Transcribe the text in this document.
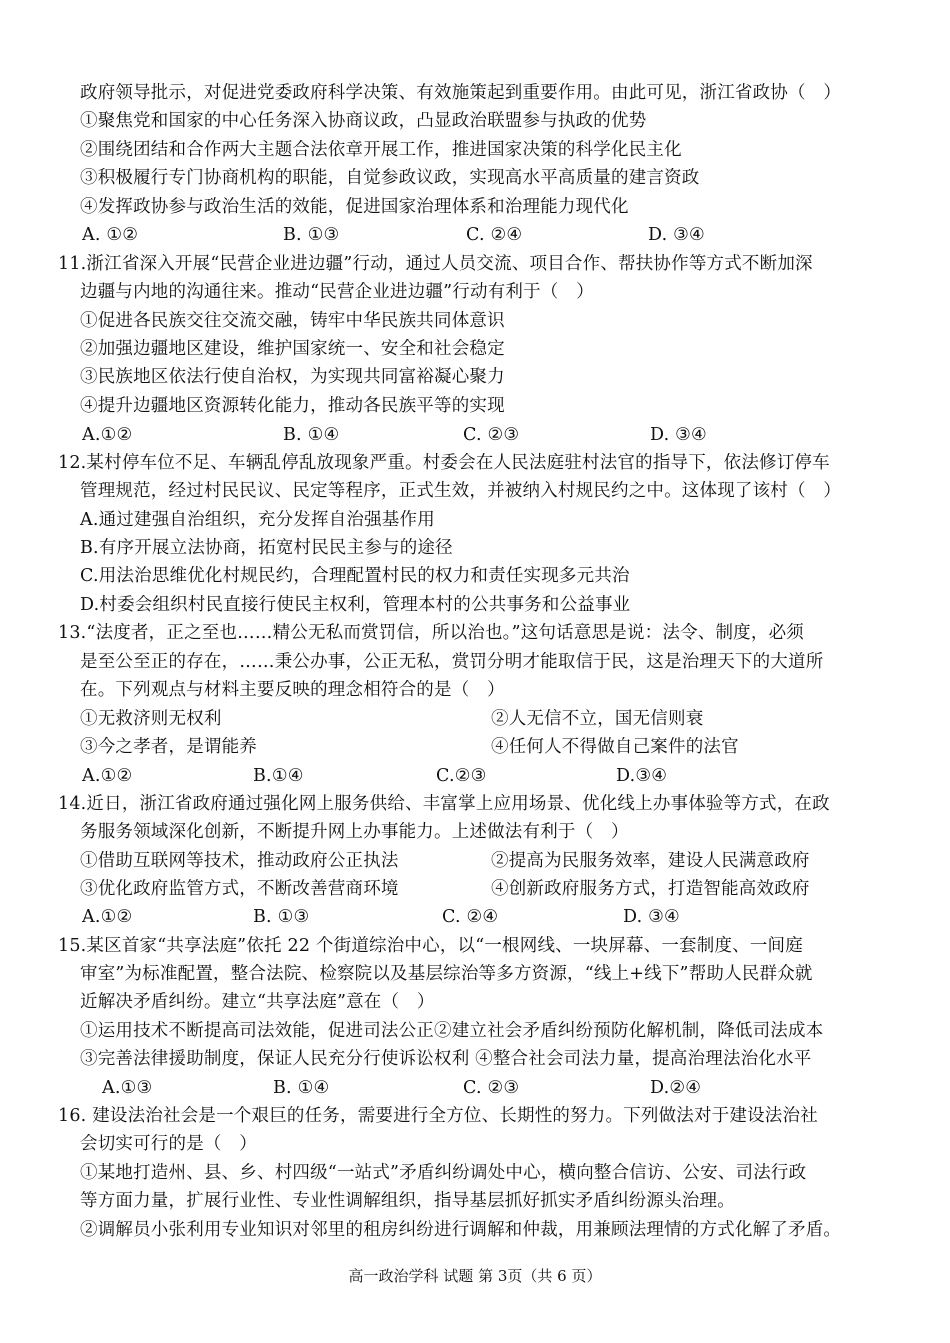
政府领导批示，对促进党委政府科学决策、有效施策起到重要作用。由此可见，浙江省政协（　）
①聚焦党和国家的中心任务深入协商议政，凸显政治联盟参与执政的优势
②围绕团结和合作两大主题合法依章开展工作，推进国家决策的科学化民主化
③积极履行专门协商机构的职能，自觉参政议政，实现高水平高质量的建言资政
④发挥政协参与政治生活的效能，促进国家治理体系和治理能力现代化
A. ①②	B. ①③	C. ②④	D. ③④
11.浙江省深入开展“民营企业进边疆”行动，通过人员交流、项目合作、帮扶协作等方式不断加深
边疆与内地的沟通往来。推动“民营企业进边疆”行动有利于（　）
①促进各民族交往交流交融，铸牢中华民族共同体意识
②加强边疆地区建设，维护国家统一、安全和社会稳定
③民族地区依法行使自治权，为实现共同富裕凝心聚力
④提升边疆地区资源转化能力，推动各民族平等的实现
A.①②	B. ①④	C. ②③	D. ③④
12.某村停车位不足、车辆乱停乱放现象严重。村委会在人民法庭驻村法官的指导下，依法修订停车
管理规范，经过村民民议、民定等程序，正式生效，并被纳入村规民约之中。这体现了该村（　）
A.通过建强自治组织，充分发挥自治强基作用
B.有序开展立法协商，拓宽村民民主参与的途径
C.用法治思维优化村规民约，合理配置村民的权力和责任实现多元共治
D.村委会组织村民直接行使民主权利，管理本村的公共事务和公益事业
13.“法度者，正之至也……精公无私而赏罚信，所以治也。”这句话意思是说：法令、制度，必须
是至公至正的存在，……秉公办事，公正无私，赏罚分明才能取信于民，这是治理天下的大道所
在。下列观点与材料主要反映的理念相符合的是（　）
①无救济则无权利	②人无信不立，国无信则衰
③今之孝者，是谓能养	④任何人不得做自己案件的法官
A.①②	B.①④	C.②③	D.③④
14.近日，浙江省政府通过强化网上服务供给、丰富掌上应用场景、优化线上办事体验等方式，在政
务服务领域深化创新，不断提升网上办事能力。上述做法有利于（　）
①借助互联网等技术，推动政府公正执法	②提高为民服务效率，建设人民满意政府
③优化政府监管方式，不断改善营商环境	④创新政府服务方式，打造智能高效政府
A.①②	B. ①③	C. ②④	D. ③④
15.某区首家“共享法庭”依托 22 个街道综治中心，以“一根网线、一块屏幕、一套制度、一间庭
审室”为标准配置，整合法院、检察院以及基层综治等多方资源，“线上+线下”帮助人民群众就
近解决矛盾纠纷。建立“共享法庭”意在（　）
①运用技术不断提高司法效能，促进司法公正②建立社会矛盾纠纷预防化解机制，降低司法成本
③完善法律援助制度，保证人民充分行使诉讼权利 ④整合社会司法力量，提高治理法治化水平
A.①③	B. ①④	C. ②③	D.②④
16. 建设法治社会是一个艰巨的任务，需要进行全方位、长期性的努力。下列做法对于建设法治社
会切实可行的是（　）
①某地打造州、县、乡、村四级“一站式”矛盾纠纷调处中心，横向整合信访、公安、司法行政
等方面力量，扩展行业性、专业性调解组织，指导基层抓好抓实矛盾纠纷源头治理。
②调解员小张利用专业知识对邻里的租房纠纷进行调解和仲裁，用兼顾法理情的方式化解了矛盾。
高一政治学科 试题 第 3页（共 6 页）
